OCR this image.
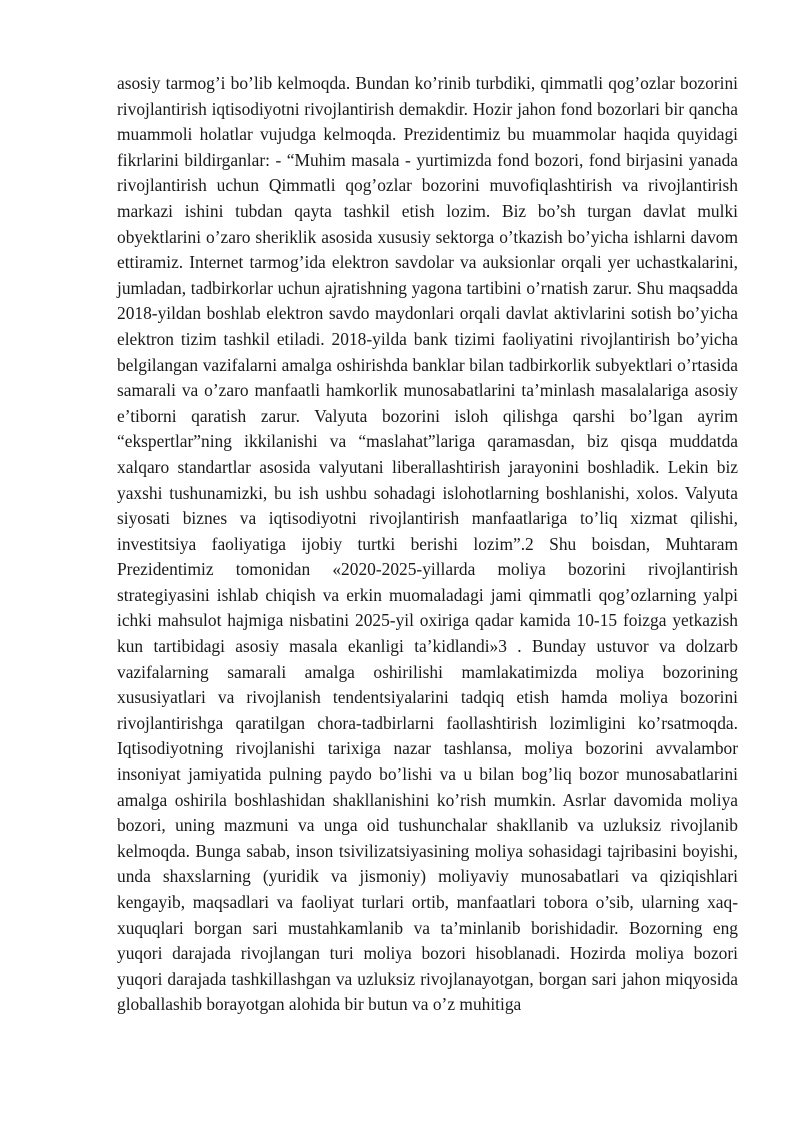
asosiy tarmog’i bo’lib kelmoqda. Bundan ko’rinib turbdiki, qimmatli qog’ozlar bozorini rivojlantirish iqtisodiyotni rivojlantirish demakdir. Hozir jahon fond bozorlari bir qancha muammoli holatlar vujudga kelmoqda. Prezidentimiz bu muammolar haqida quyidagi fikrlarini bildirganlar: - “Muhim masala - yurtimizda fond bozori, fond birjasini yanada rivojlantirish uchun Qimmatli qog’ozlar bozorini muvofiqlashtirish va rivojlantirish markazi ishini tubdan qayta tashkil etish lozim. Biz bo’sh turgan davlat mulki obyektlarini o’zaro sheriklik asosida xususiy sektorga o’tkazish bo’yicha ishlarni davom ettiramiz. Internet tarmog’ida elektron savdolar va auksionlar orqali yer uchastkalarini, jumladan, tadbirkorlar uchun ajratishning yagona tartibini o’rnatish zarur. Shu maqsadda 2018-yildan boshlab elektron savdo maydonlari orqali davlat aktivlarini sotish bo’yicha elektron tizim tashkil etiladi. 2018-yilda bank tizimi faoliyatini rivojlantirish bo’yicha belgilangan vazifalarni amalga oshirishda banklar bilan tadbirkorlik subyektlari o’rtasida samarali va o’zaro manfaatli hamkorlik munosabatlarini ta’minlash masalalariga asosiy e’tiborni qaratish zarur. Valyuta bozorini isloh qilishga qarshi bo’lgan ayrim “ekspertlar”ning ikkilanishi va “maslahat”lariga qaramasdan, biz qisqa muddatda xalqaro standartlar asosida valyutani liberallashtirish jarayonini boshladik. Lekin biz yaxshi tushunamizki, bu ish ushbu sohadagi islohotlarning boshlanishi, xolos. Valyuta siyosati biznes va iqtisodiyotni rivojlantirish manfaatlariga to’liq xizmat qilishi, investitsiya faoliyatiga ijobiy turtki berishi lozim”.2 Shu boisdan, Muhtaram Prezidentimiz tomonidan «2020-2025-yillarda moliya bozorini rivojlantirish strategiyasini ishlab chiqish va erkin muomaladagi jami qimmatli qog’ozlarning yalpi ichki mahsulot hajmiga nisbatini 2025-yil oxiriga qadar kamida 10-15 foizga yetkazish kun tartibidagi asosiy masala ekanligi ta’kidlandi»3 . Bunday ustuvor va dolzarb vazifalarning samarali amalga oshirilishi mamlakatimizda moliya bozorining xususiyatlari va rivojlanish tendentsiyalarini tadqiq etish hamda moliya bozorini rivojlantirishga qaratilgan chora-tadbirlarni faollashtirish lozimligini ko’rsatmoqda. Iqtisodiyotning rivojlanishi tarixiga nazar tashlansa, moliya bozorini avvalambor insoniyat jamiyatida pulning paydo bo’lishi va u bilan bog’liq bozor munosabatlarini amalga oshirila boshlashidan shakllanishini ko’rish mumkin. Asrlar davomida moliya bozori, uning mazmuni va unga oid tushunchalar shakllanib va uzluksiz rivojlanib kelmoqda. Bunga sabab, inson tsivilizatsiyasining moliya sohasidagi tajribasini boyishi, unda shaxslarning (yuridik va jismoniy) moliyaviy munosabatlari va qiziqishlari kengayib, maqsadlari va faoliyat turlari ortib, manfaatlari tobora o’sib, ularning xaq-xuquqlari borgan sari mustahkamlanib va ta’minlanib borishidadir. Bozorning eng yuqori darajada rivojlangan turi moliya bozori hisoblanadi. Hozirda moliya bozori yuqori darajada tashkillashgan va uzluksiz rivojlanayotgan, borgan sari jahon miqyosida globallashib borayotgan alohida bir butun va o’z muhitiga
